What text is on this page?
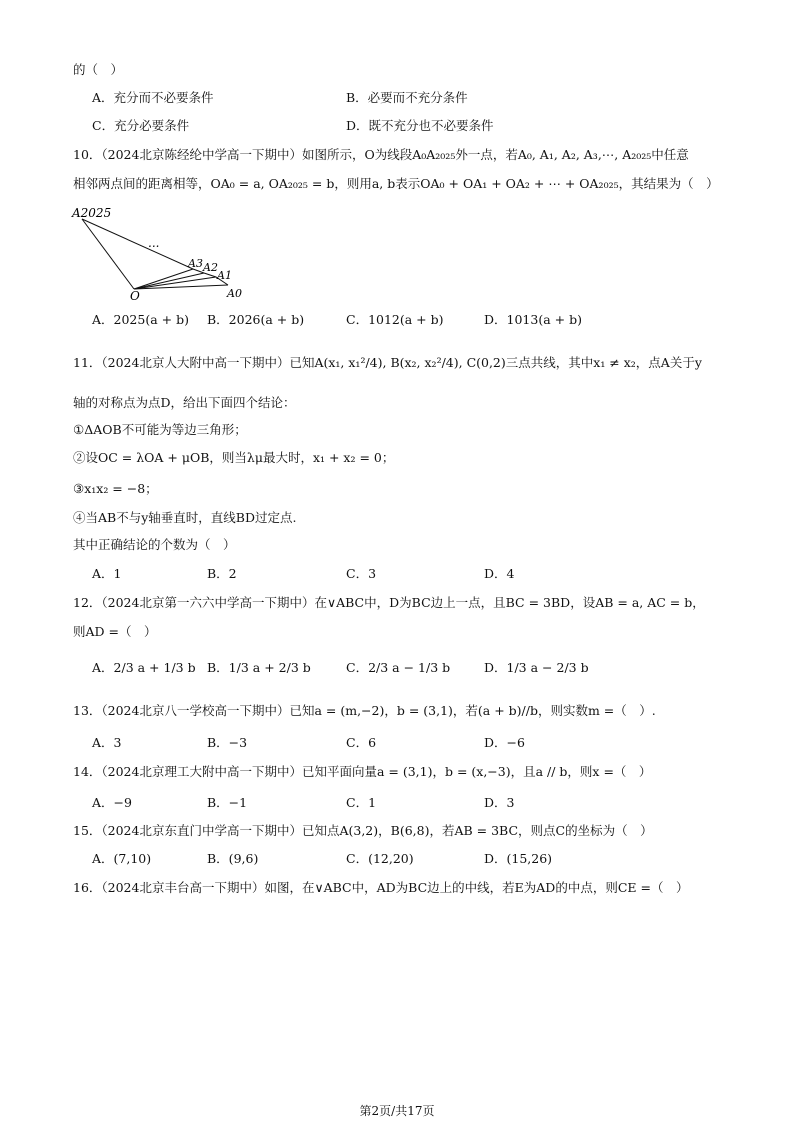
的（　）
A．充分而不必要条件	B．必要而不充分条件
C．充分必要条件	D．既不充分也不必要条件
10．（2024北京陈经纶中学高一下期中）如图所示，O为线段A₀A₂₀₂₅外一点，若A₀, A₁, A₂, A₃,⋯, A₂₀₂₅中任意
相邻两点间的距离相等，OA₀ = a, OA₂₀₂₅ = b，则用a, b表示OA₀ + OA₁ + OA₂ + ⋯ + OA₂₀₂₅，其结果为（　）
A2025
...
A3 A2
A1
A0
O
A．2025(a + b) B．2026(a + b)	C．1012(a + b)	D．1013(a + b)
11．（2024北京人大附中高一下期中）已知A(x₁, x₁²/4), B(x₂, x₂²/4), C(0,2)三点共线，其中x₁ ≠ x₂，点A关于y
轴的对称点为点D，给出下面四个结论：
①ΔAOB不可能为等边三角形；
②设OC = λOA + μOB，则当λμ最大时，x₁ + x₂ = 0；
③x₁x₂ = −8；
④当AB不与y轴垂直时，直线BD过定点.
其中正确结论的个数为（　）
A．1	B．2	C．3	D．4
12．（2024北京第一六六中学高一下期中）在∨ABC中，D为BC边上一点，且BC = 3BD，设AB = a, AC = b，
则AD =（　）
A．2/3 a + 1/3 b B．1/3 a + 2/3 b	C．2/3 a − 1/3 b	D．1/3 a − 2/3 b
13．（2024北京八一学校高一下期中）已知a = (m,−2)，b = (3,1)，若(a + b)//b，则实数m =（　）.
A．3	B．−3	C．6	D．−6
14．（2024北京理工大附中高一下期中）已知平面向量a = (3,1)，b = (x,−3)，且a // b，则x =（　）
A．−9	B．−1	C．1	D．3
15．（2024北京东直门中学高一下期中）已知点A(3,2)，B(6,8)，若AB = 3BC，则点C的坐标为（　）
A．(7,10)	B．(9,6)	C．(12,20)	D．(15,26)
16．（2024北京丰台高一下期中）如图，在∨ABC中，AD为BC边上的中线，若E为AD的中点，则CE =（　）
第2页/共17页
